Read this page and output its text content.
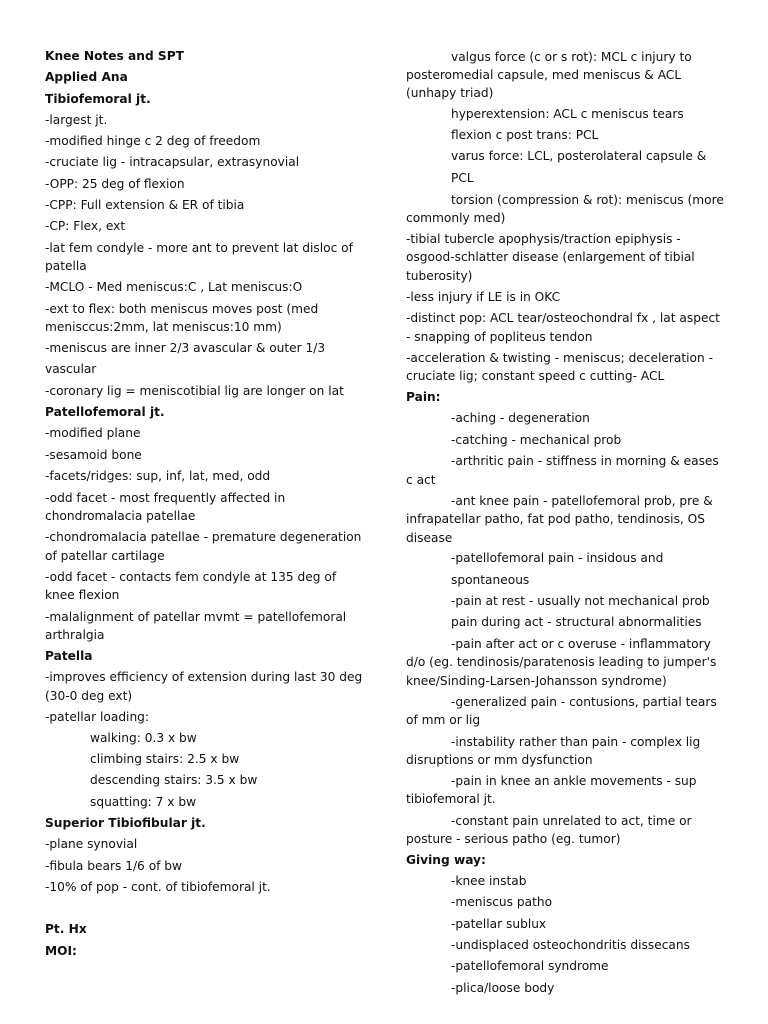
Knee Notes and SPT
Applied Ana
Tibiofemoral jt.
-largest jt.
-modified hinge c 2 deg of freedom
-cruciate lig - intracapsular, extrasynovial
-OPP: 25 deg of flexion
-CPP: Full extension & ER of tibia
-CP: Flex, ext
-lat fem condyle - more ant to prevent lat disloc of patella
-MCLO - Med meniscus:C , Lat meniscus:O
-ext to flex: both meniscus moves post (med menisccus:2mm, lat meniscus:10 mm)
-meniscus are inner 2/3 avascular & outer 1/3 vascular
-coronary lig = meniscotibial lig are longer on lat
Patellofemoral jt.
-modified plane
-sesamoid bone
-facets/ridges: sup, inf, lat, med, odd
-odd facet - most frequently affected in chondromalacia patellae
-chondromalacia patellae - premature degeneration of patellar cartilage
-odd facet - contacts fem condyle at 135 deg of knee flexion
-malalignment of patellar mvmt = patellofemoral arthralgia
Patella
-improves efficiency of extension during last 30 deg (30-0 deg ext)
-patellar loading:
walking: 0.3 x bw
climbing stairs: 2.5 x bw
descending stairs: 3.5 x bw
squatting: 7 x bw
Superior Tibiofibular jt.
-plane synovial
-fibula bears 1/6 of bw
-10% of pop - cont. of tibiofemoral jt.
Pt. Hx
MOI:
valgus force (c or s rot): MCL c injury to posteromedial capsule, med meniscus & ACL (unhapy triad)
hyperextension: ACL c meniscus tears
flexion c post trans: PCL
varus force: LCL, posterolateral capsule & PCL
torsion (compression & rot): meniscus (more commonly med)
-tibial tubercle apophysis/traction epiphysis - osgood-schlatter disease (enlargement of tibial tuberosity)
-less injury if LE is in OKC
-distinct pop: ACL tear/osteochondral fx , lat aspect - snapping of popliteus tendon
-acceleration & twisting - meniscus; deceleration - cruciate lig; constant speed c cutting- ACL
Pain:
-aching - degeneration
-catching - mechanical prob
-arthritic pain - stiffness in morning & eases c act
-ant knee pain - patellofemoral prob, pre & infrapatellar patho, fat pod patho, tendinosis, OS disease
-patellofemoral pain - insidous and spontaneous
-pain at rest - usually not mechanical prob
pain during act - structural abnormalities
-pain after act or c overuse - inflammatory d/o (eg. tendinosis/paratenosis leading to jumper's knee/Sinding-Larsen-Johansson syndrome)
-generalized pain - contusions, partial tears of mm or lig
-instability rather than pain - complex lig disruptions or mm dysfunction
-pain in knee an ankle movements - sup tibiofemoral jt.
-constant pain unrelated to act, time or posture - serious patho (eg. tumor)
Giving way:
-knee instab
-meniscus patho
-patellar sublux
-undisplaced osteochondritis dissecans
-patellofemoral syndrome
-plica/loose body
